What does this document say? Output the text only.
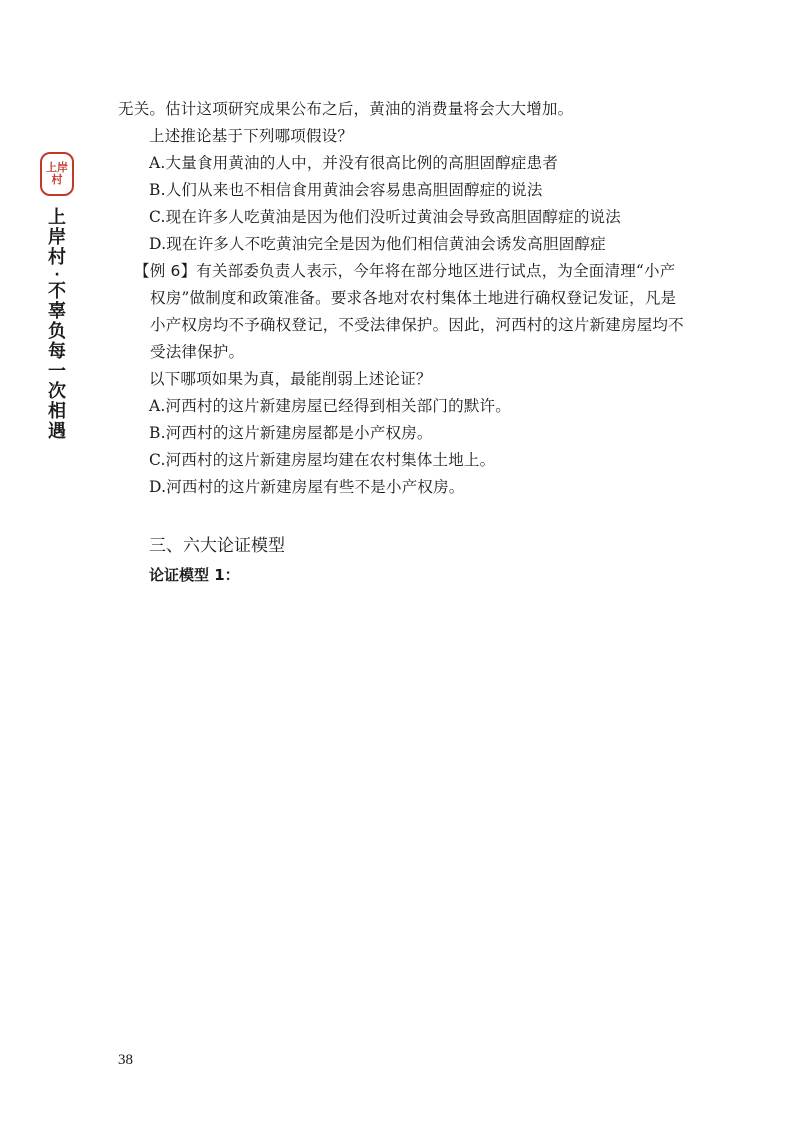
上岸
村
上
岸
村
·
不
辜
负
每
一
次
相
遇

无关。估计这项研究成果公布之后，黄油的消费量将会大大增加。

上述推论基于下列哪项假设？

A.大量食用黄油的人中，并没有很高比例的高胆固醇症患者

B.人们从来也不相信食用黄油会容易患高胆固醇症的说法

C.现在许多人吃黄油是因为他们没听过黄油会导致高胆固醇症的说法

D.现在许多人不吃黄油完全是因为他们相信黄油会诱发高胆固醇症

【例 6】有关部委负责人表示，今年将在部分地区进行试点，为全面清理“小产权房”做制度和政策准备。要求各地对农村集体土地进行确权登记发证，凡是小产权房均不予确权登记，不受法律保护。因此，河西村的这片新建房屋均不受法律保护。

以下哪项如果为真，最能削弱上述论证？

A.河西村的这片新建房屋已经得到相关部门的默许。

B.河西村的这片新建房屋都是小产权房。

C.河西村的这片新建房屋均建在农村集体土地上。

D.河西村的这片新建房屋有些不是小产权房。

三、六大论证模型
论证模型 1：
38
